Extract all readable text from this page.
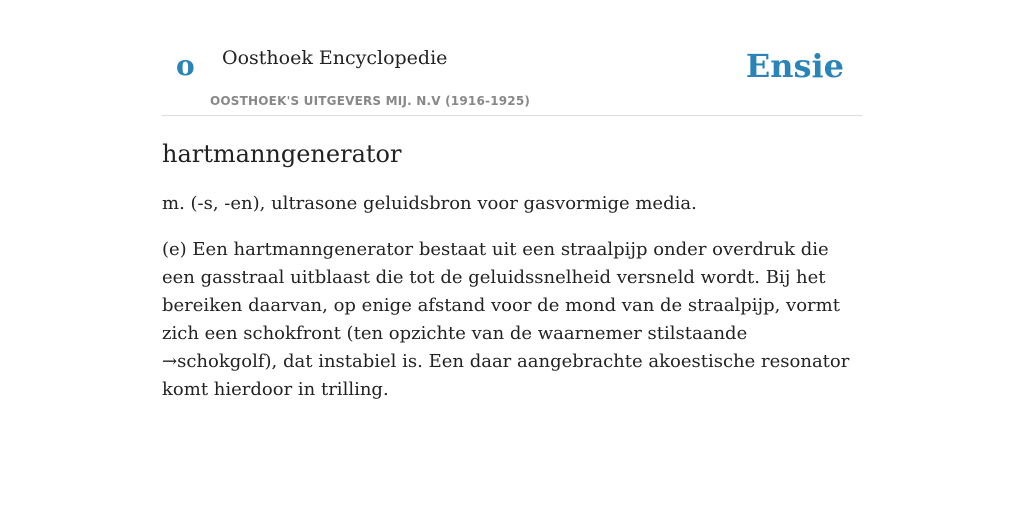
o Oosthoek Encyclopedie
OOSTHOEK'S UITGEVERS MIJ. N.V (1916-1925)
Ensie
hartmanngenerator

m. (-s, -en), ultrasone geluidsbron voor gasvormige media.

(e) Een hartmanngenerator bestaat uit een straalpijp onder overdruk die een gasstraal uitblaast die tot de geluidssnelheid versneld wordt. Bij het bereiken daarvan, op enige afstand voor de mond van de straalpijp, vormt zich een schokfront (ten opzichte van de waarnemer stilstaande →schokgolf), dat instabiel is. Een daar aangebrachte akoestische resonator komt hierdoor in trilling.
